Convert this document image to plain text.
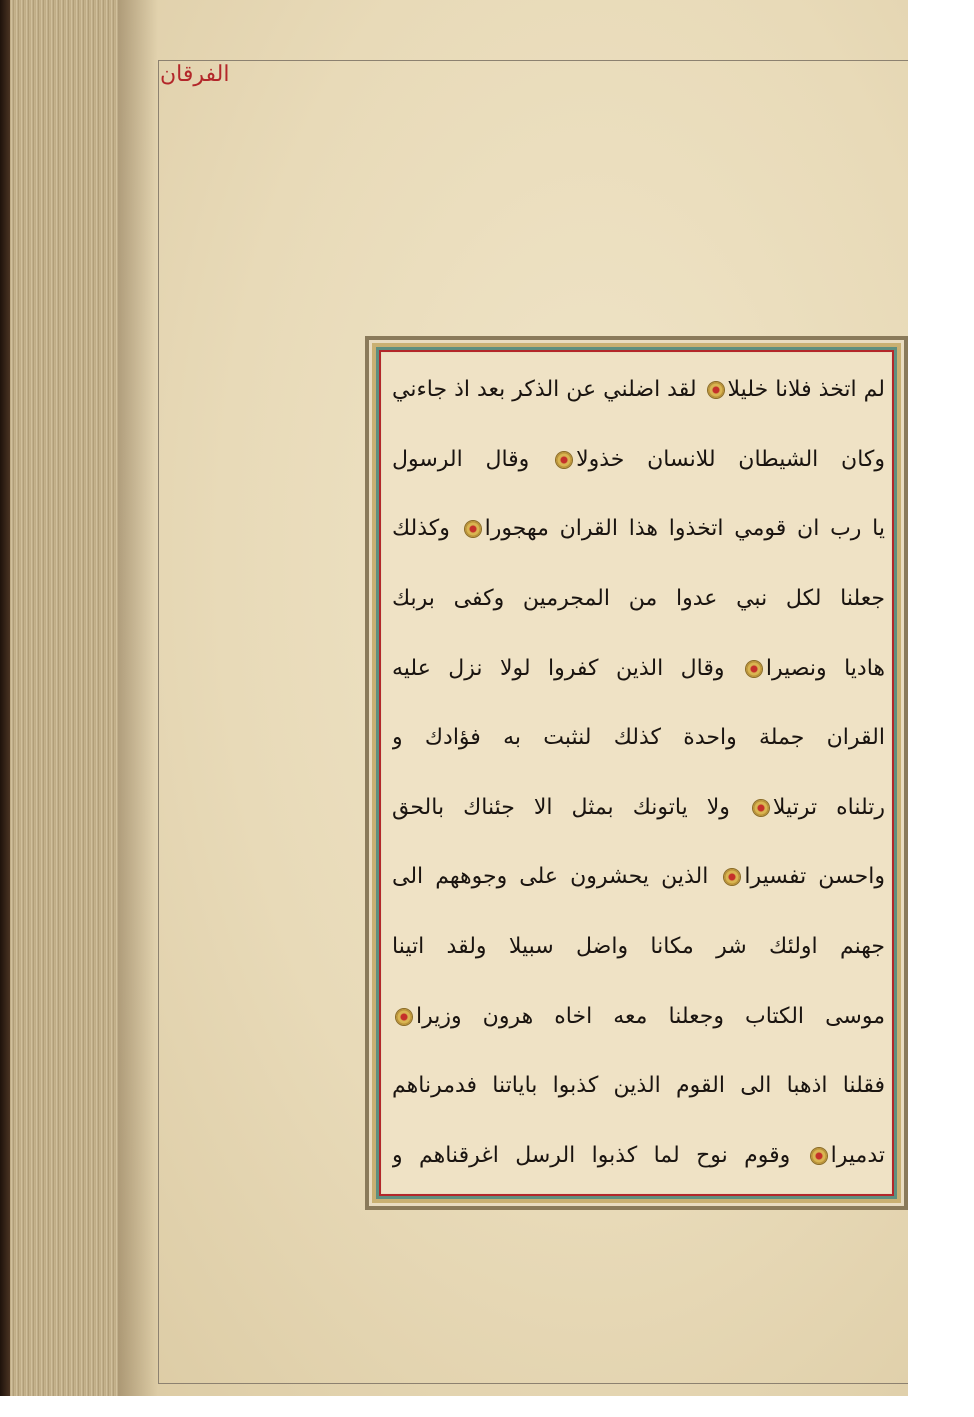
الفرقان
لم اتخذ فلانا خليلا لقد اضلني عن الذكر بعد اذ جاءني
وكان الشيطان للانسان خذولا وقال الرسول
يا رب ان قومي اتخذوا هذا القران مهجورا وكذلك
جعلنا لكل نبي عدوا من المجرمين وكفى بربك
هاديا ونصيرا وقال الذين كفروا لولا نزل عليه
القران جملة واحدة كذلك لنثبت به فؤادك و
رتلناه ترتيلا ولا ياتونك بمثل الا جئناك بالحق
واحسن تفسيرا الذين يحشرون على وجوههم الى
جهنم اولئك شر مكانا واضل سبيلا ولقد اتينا
موسى الكتاب وجعلنا معه اخاه هرون وزيرا
فقلنا اذهبا الى القوم الذين كذبوا باياتنا فدمرناهم
تدميرا وقوم نوح لما كذبوا الرسل اغرقناهم و
